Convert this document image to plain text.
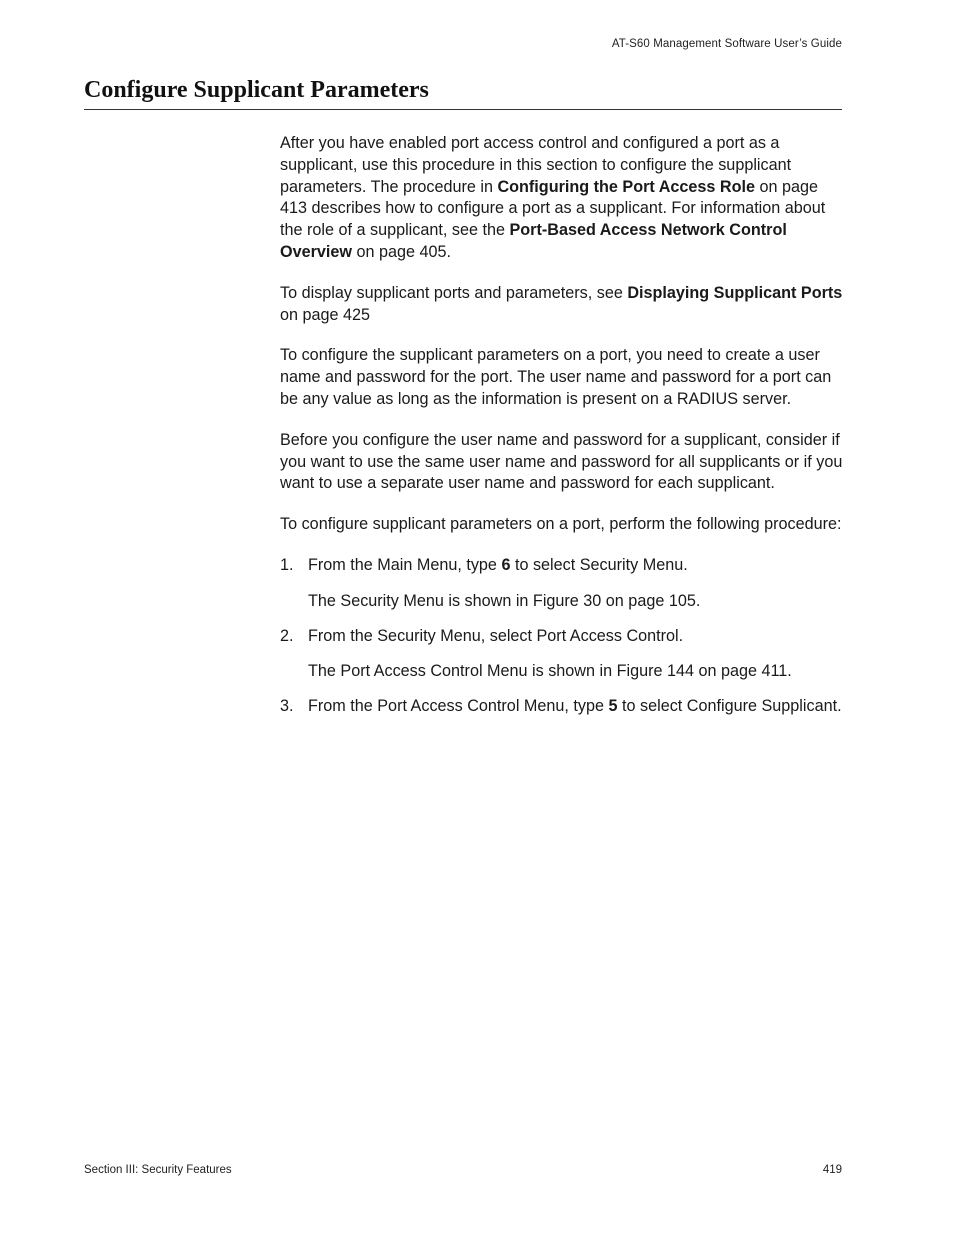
AT-S60 Management Software User’s Guide
Configure Supplicant Parameters

After you have enabled port access control and configured a port as a supplicant, use this procedure in this section to configure the supplicant parameters. The procedure in Configuring the Port Access Role on page 413 describes how to configure a port as a supplicant. For information about the role of a supplicant, see the Port-Based Access Network Control Overview on page 405.

To display supplicant ports and parameters, see Displaying Supplicant Ports on page 425

To configure the supplicant parameters on a port, you need to create a user name and password for the port. The user name and password for a port can be any value as long as the information is present on a RADIUS server.

Before you configure the user name and password for a supplicant, consider if you want to use the same user name and password for all supplicants or if you want to use a separate user name and password for each supplicant.

To configure supplicant parameters on a port, perform the following procedure:

1. From the Main Menu, type 6 to select Security Menu.
The Security Menu is shown in Figure 30 on page 105.
2. From the Security Menu, select Port Access Control.
The Port Access Control Menu is shown in Figure 144 on page 411.
3. From the Port Access Control Menu, type 5 to select Configure Supplicant.
Section III: Security Features	419
